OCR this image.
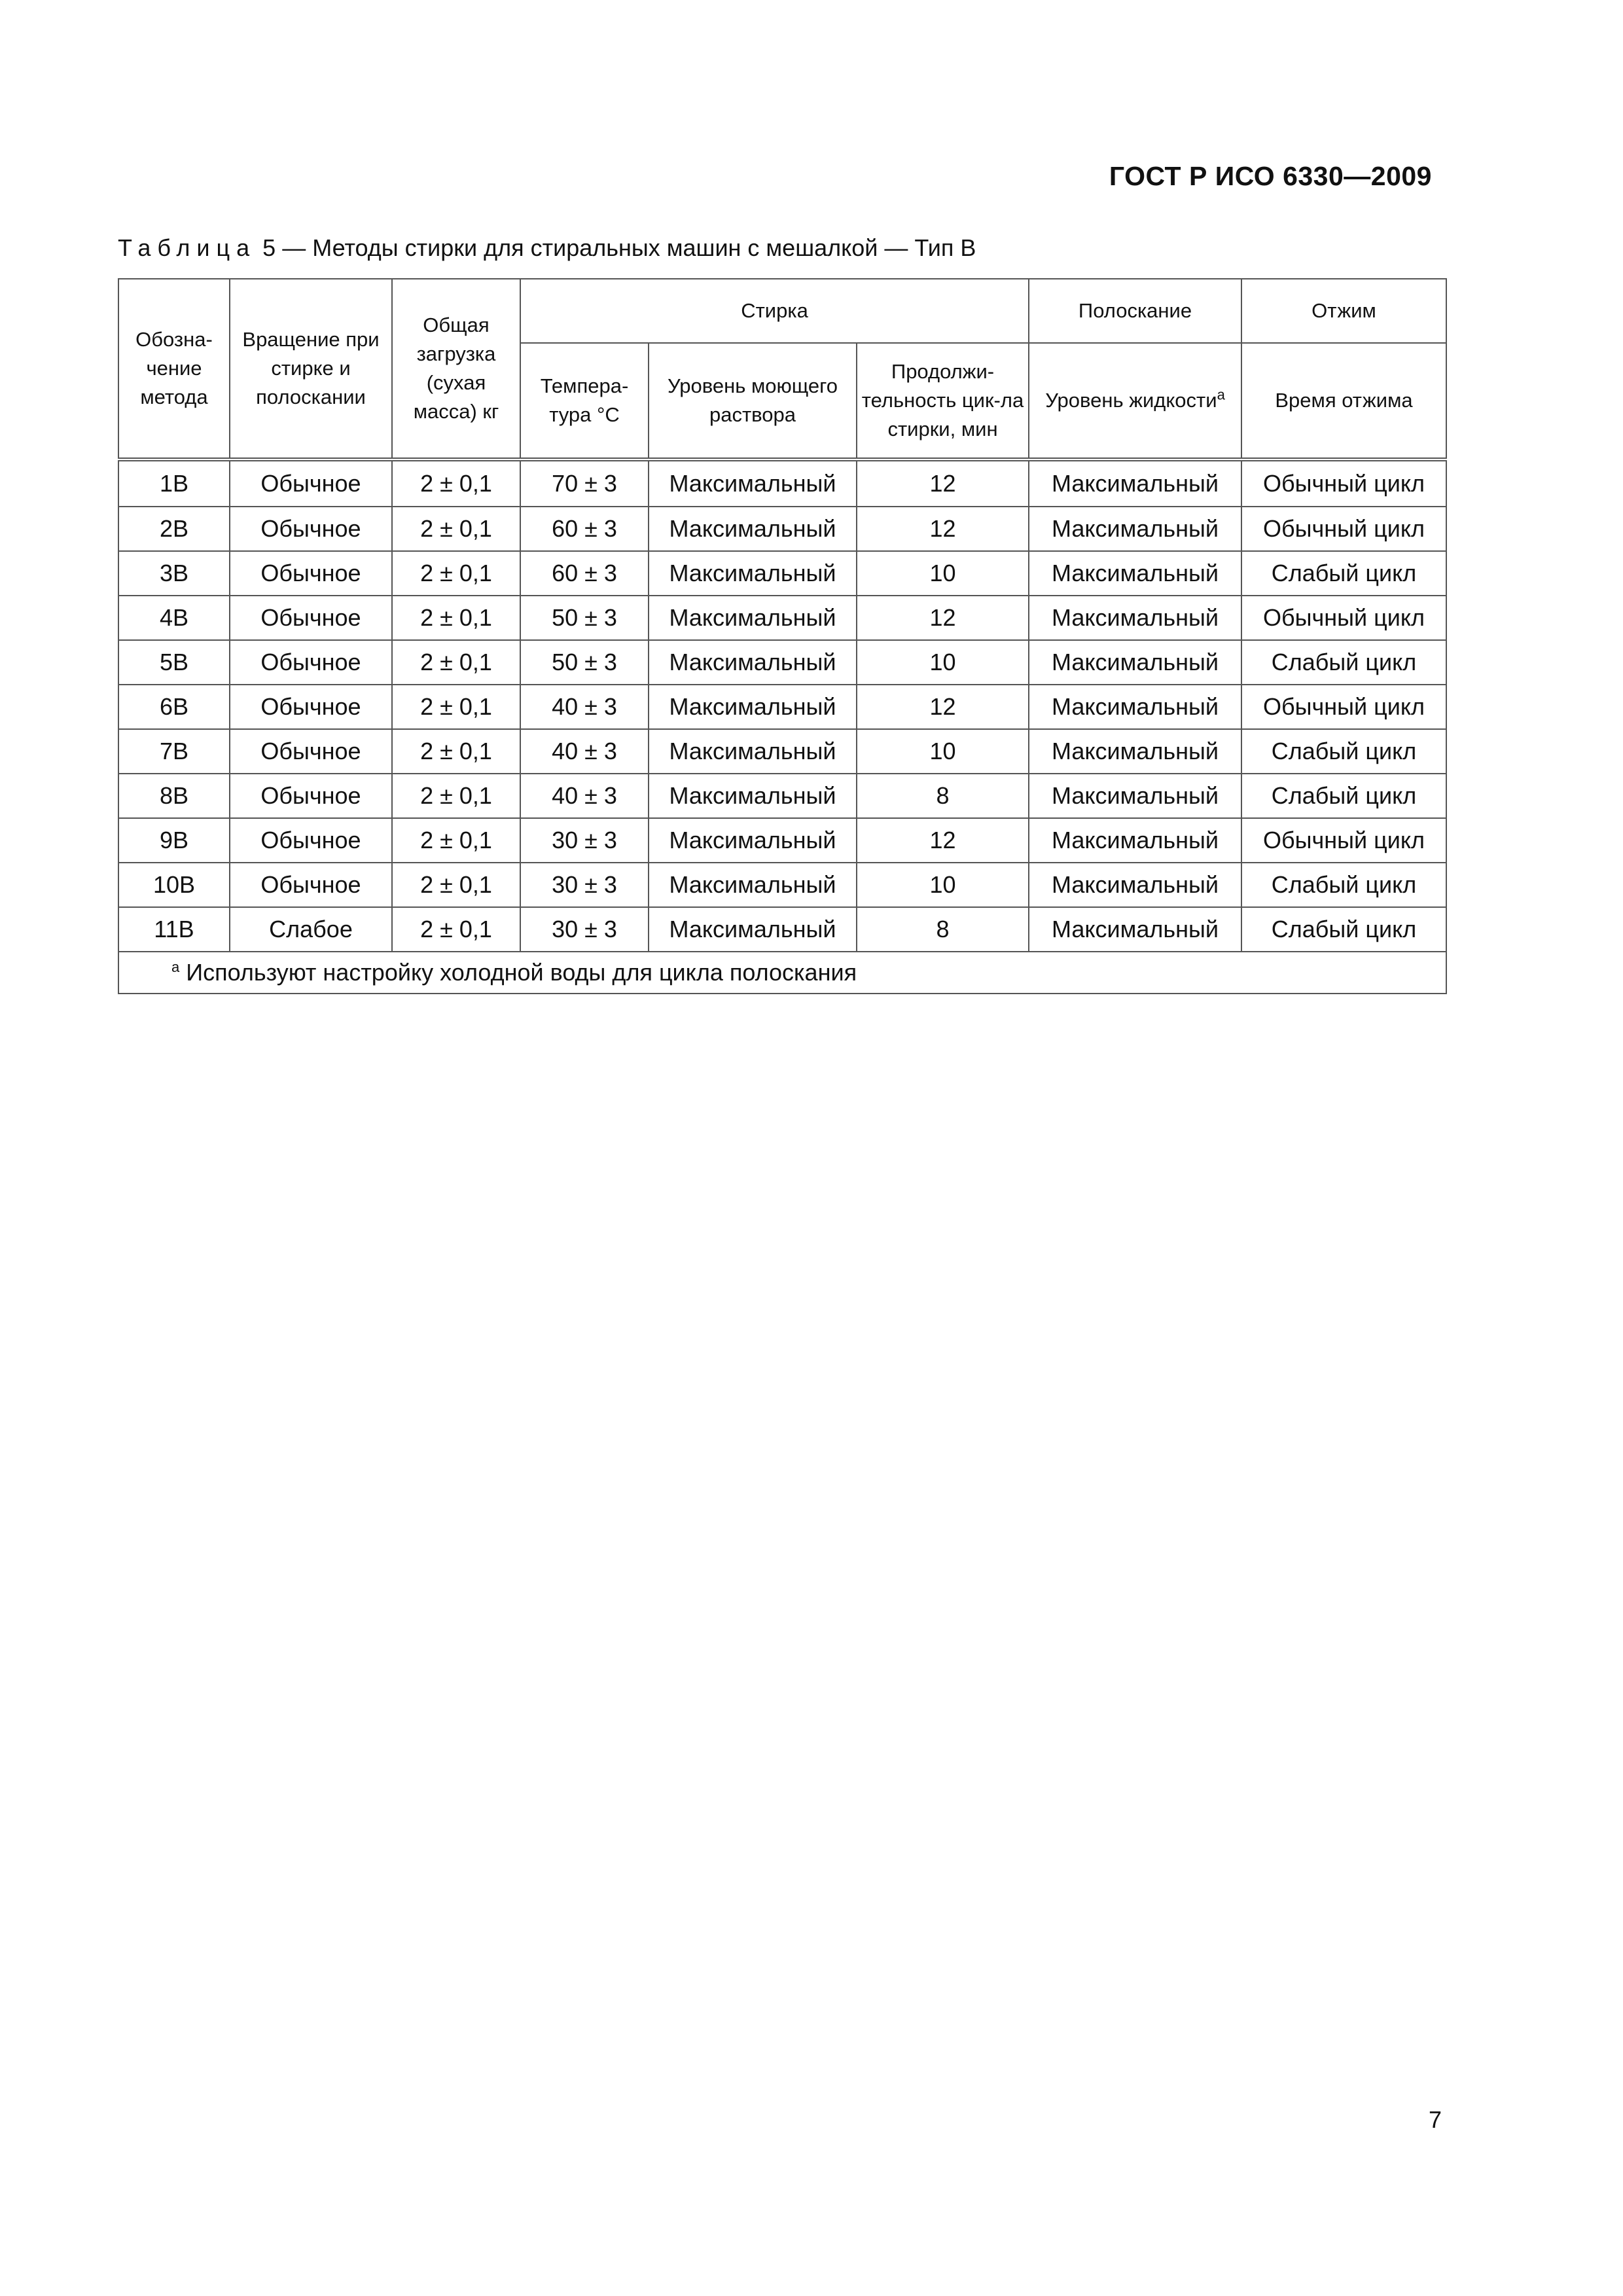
ГОСТ Р ИСО 6330—2009
Таблица 5 — Методы стирки для стиральных машин с мешалкой — Тип В
Обозна-чение метода	Вращение при стирке и полоскании	Общая загрузка (сухая масса) кг	Стирка			Полоскание	Отжим
			Темпера-тура °С	Уровень моющего раствора	Продолжи-тельность цик-ла стирки, мин	Уровень жидкости$^a$	Время отжима
1B	Обычное	2 ± 0,1	70 ± 3	Максимальный	12	Максимальный	Обычный цикл
2B	Обычное	2 ± 0,1	60 ± 3	Максимальный	12	Максимальный	Обычный цикл
3B	Обычное	2 ± 0,1	60 ± 3	Максимальный	10	Максимальный	Слабый цикл
4B	Обычное	2 ± 0,1	50 ± 3	Максимальный	12	Максимальный	Обычный цикл
5B	Обычное	2 ± 0,1	50 ± 3	Максимальный	10	Максимальный	Слабый цикл
6B	Обычное	2 ± 0,1	40 ± 3	Максимальный	12	Максимальный	Обычный цикл
7B	Обычное	2 ± 0,1	40 ± 3	Максимальный	10	Максимальный	Слабый цикл
8B	Обычное	2 ± 0,1	40 ± 3	Максимальный	8	Максимальный	Слабый цикл
9B	Обычное	2 ± 0,1	30 ± 3	Максимальный	12	Максимальный	Обычный цикл
10B	Обычное	2 ± 0,1	30 ± 3	Максимальный	10	Максимальный	Слабый цикл
11B	Слабое	2 ± 0,1	30 ± 3	Максимальный	8	Максимальный	Слабый цикл
$^a$ Используют настройку холодной воды для цикла полоскания							
7
